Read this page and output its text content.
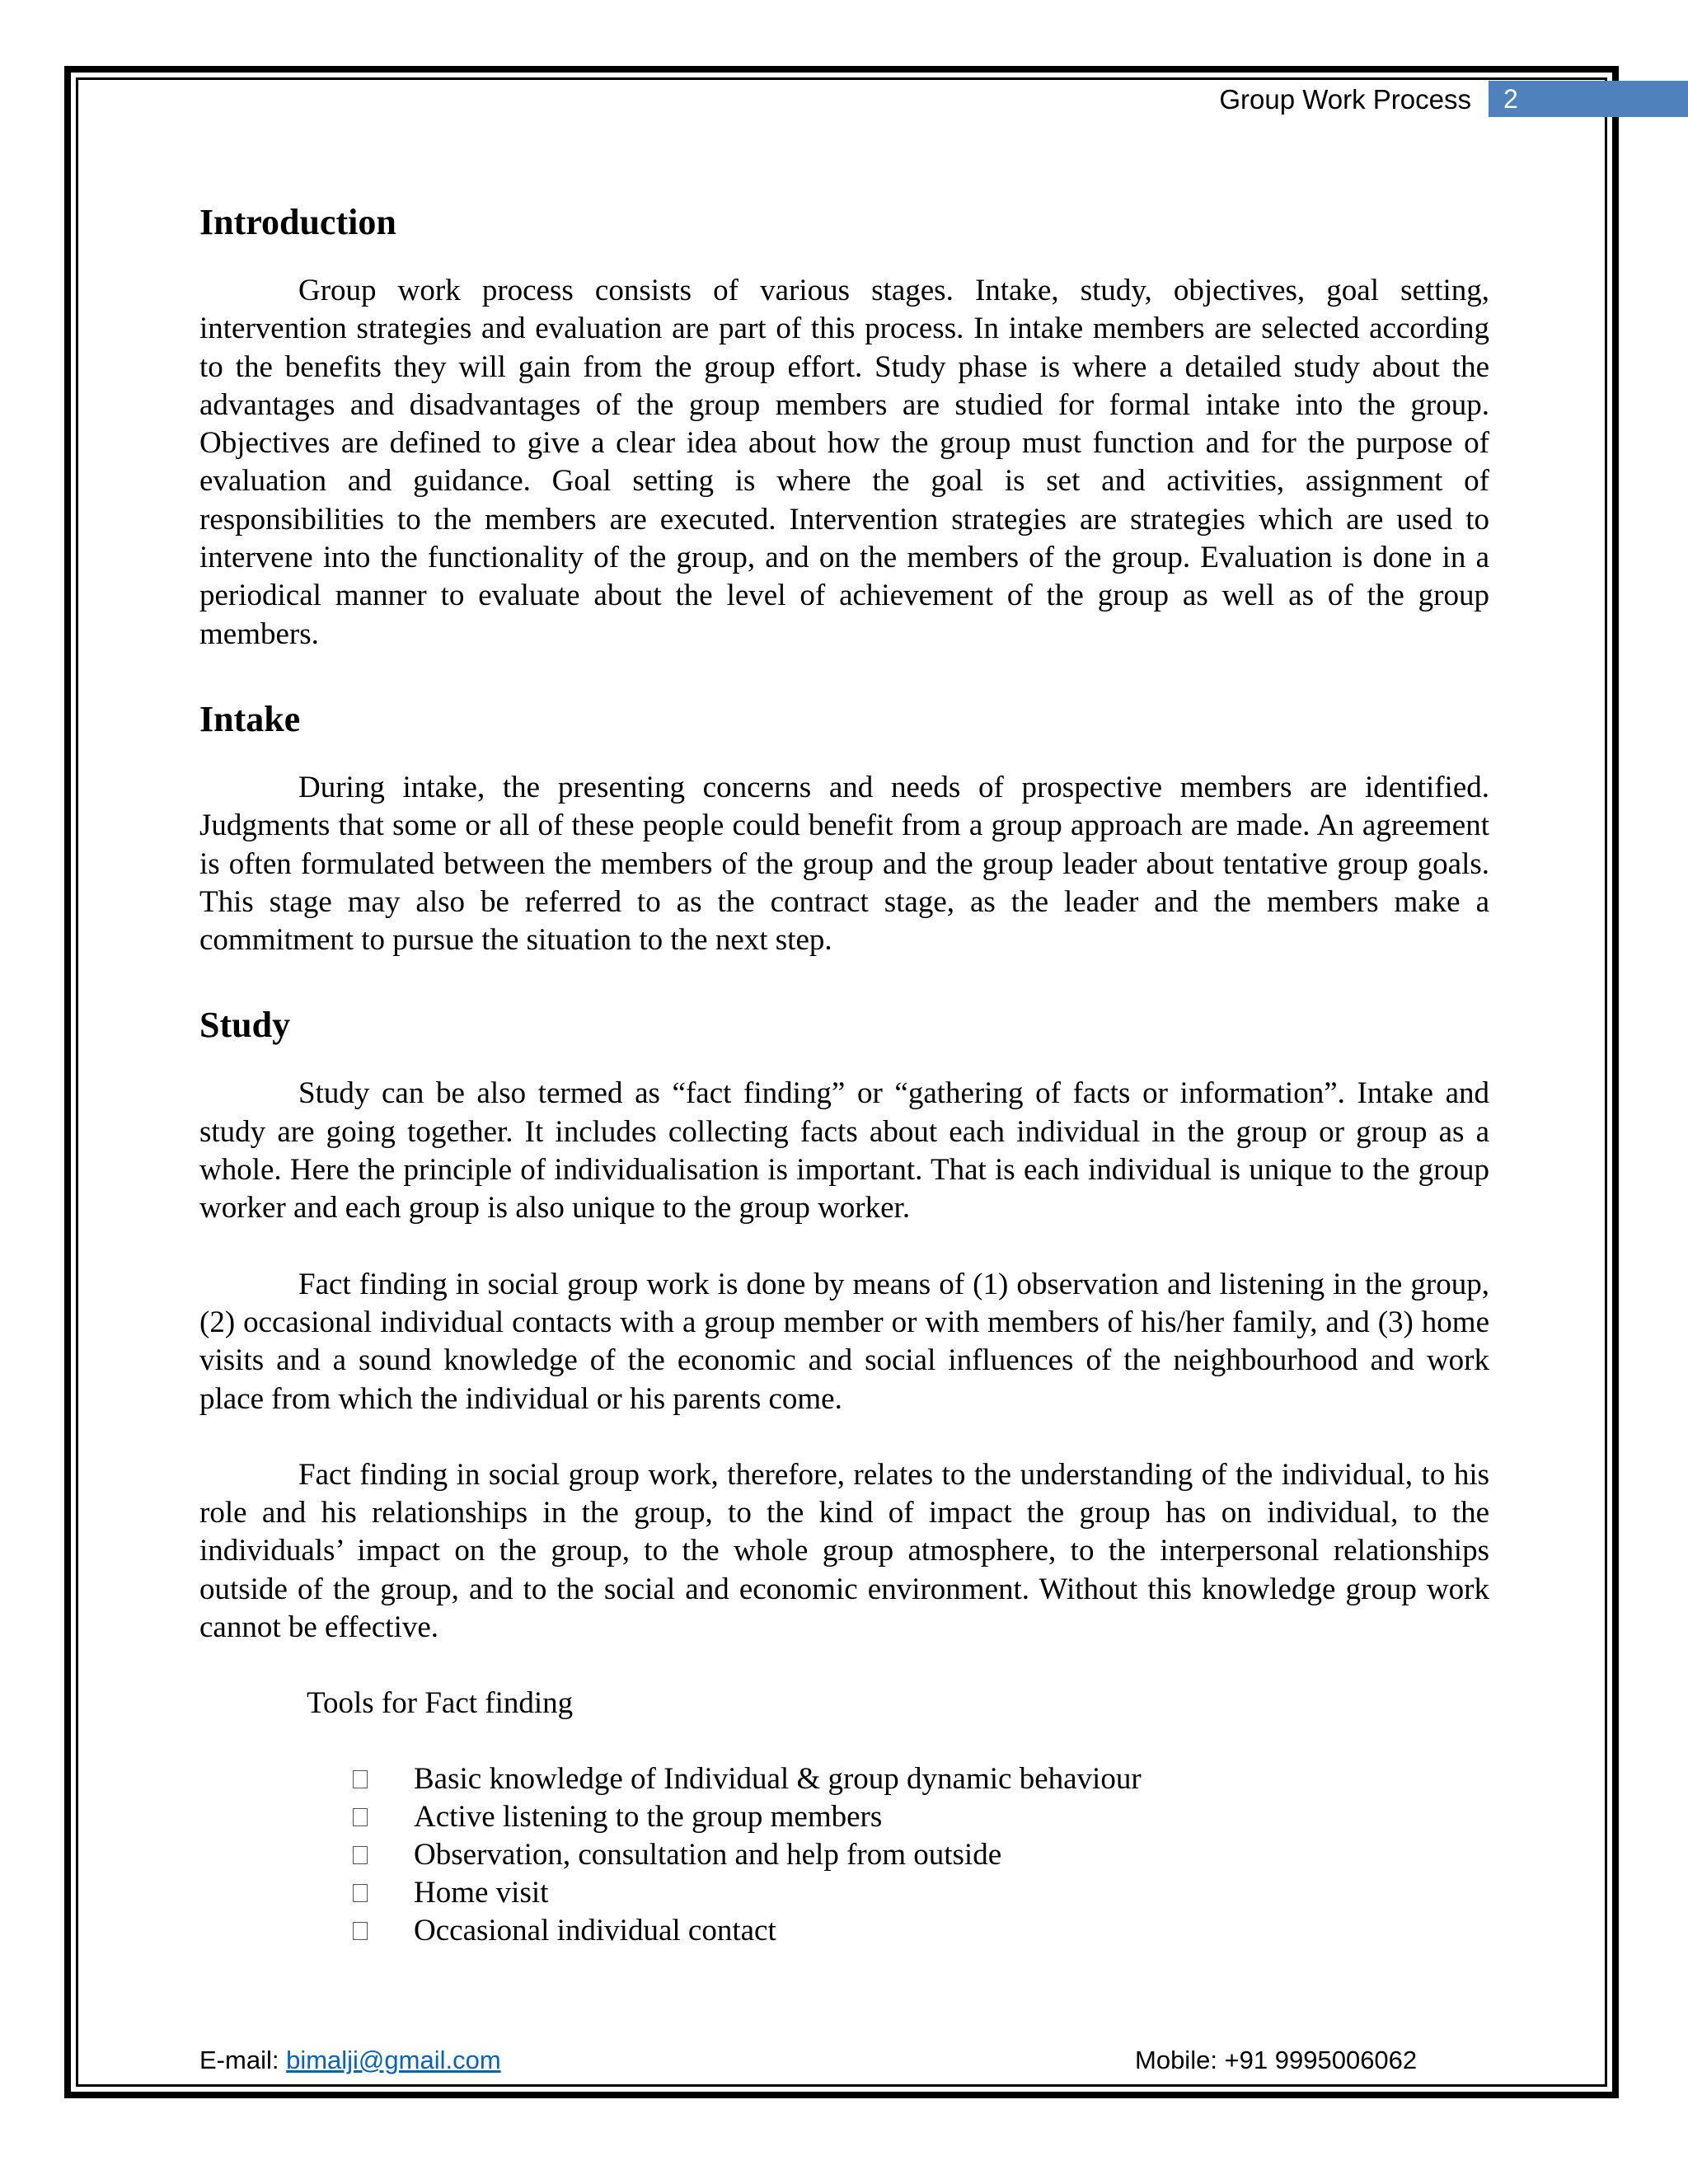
Group Work Process	2
Introduction

Group work process consists of various stages. Intake, study, objectives, goal setting, intervention strategies and evaluation are part of this process. In intake members are selected according to the benefits they will gain from the group effort. Study phase is where a detailed study about the advantages and disadvantages of the group members are studied for formal intake into the group. Objectives are defined to give a clear idea about how the group must function and for the purpose of evaluation and guidance. Goal setting is where the goal is set and activities, assignment of responsibilities to the members are executed. Intervention strategies are strategies which are used to intervene into the functionality of the group, and on the members of the group. Evaluation is done in a periodical manner to evaluate about the level of achievement of the group as well as of the group members.

Intake

During intake, the presenting concerns and needs of prospective members are identified. Judgments that some or all of these people could benefit from a group approach are made. An agreement is often formulated between the members of the group and the group leader about tentative group goals. This stage may also be referred to as the contract stage, as the leader and the members make a commitment to pursue the situation to the next step.

Study

Study can be also termed as “fact finding” or “gathering of facts or information”. Intake and study are going together. It includes collecting facts about each individual in the group or group as a whole. Here the principle of individualisation is important. That is each individual is unique to the group worker and each group is also unique to the group worker.

Fact finding in social group work is done by means of (1) observation and listening in the group, (2) occasional individual contacts with a group member or with members of his/her family, and (3) home visits and a sound knowledge of the economic and social influences of the neighbourhood and work place from which the individual or his parents come.

Fact finding in social group work, therefore, relates to the understanding of the individual, to his role and his relationships in the group, to the kind of impact the group has on individual, to the individuals’ impact on the group, to the whole group atmosphere, to the interpersonal relationships outside of the group, and to the social and economic environment. Without this knowledge group work cannot be effective.

Tools for Fact finding
Basic knowledge of Individual & group dynamic behaviour
Active listening to the group members
Observation, consultation and help from outside
Home visit
Occasional individual contact
E-mail: bimalji@gmail.com	Mobile: +91 9995006062
